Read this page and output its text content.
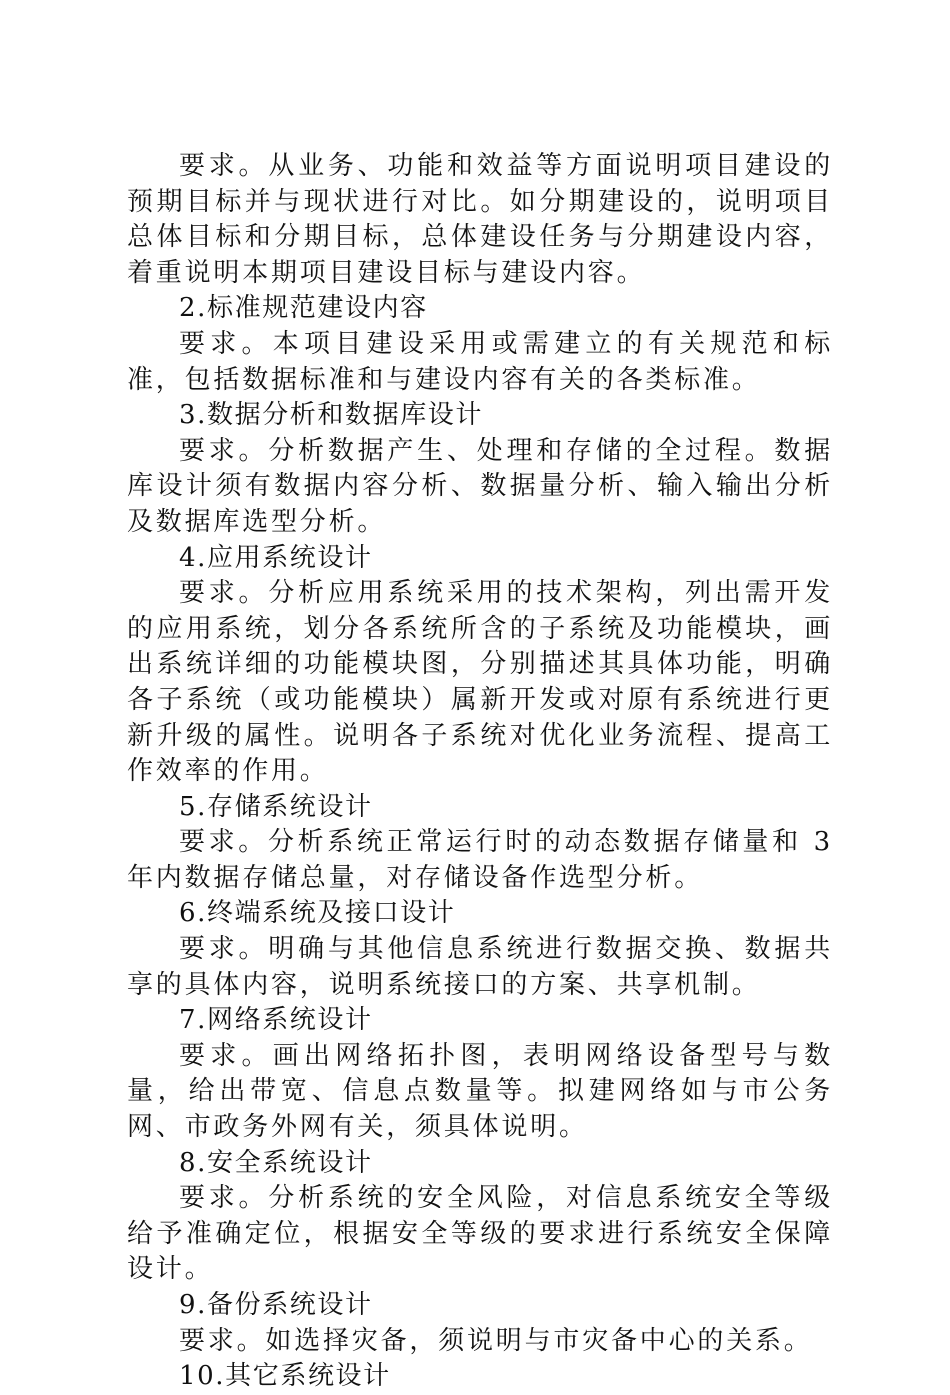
要求。从业务、功能和效益等方面说明项目建设的预期目标并与现状进行对比。如分期建设的，说明项目总体目标和分期目标，总体建设任务与分期建设内容，着重说明本期项目建设目标与建设内容。

2.标准规范建设内容

要求。本项目建设采用或需建立的有关规范和标准，包括数据标准和与建设内容有关的各类标准。

3.数据分析和数据库设计

要求。分析数据产生、处理和存储的全过程。数据库设计须有数据内容分析、数据量分析、输入输出分析及数据库选型分析。

4.应用系统设计

要求。分析应用系统采用的技术架构，列出需开发的应用系统，划分各系统所含的子系统及功能模块，画出系统详细的功能模块图，分别描述其具体功能，明确各子系统（或功能模块）属新开发或对原有系统进行更新升级的属性。说明各子系统对优化业务流程、提高工作效率的作用。

5.存储系统设计

要求。分析系统正常运行时的动态数据存储量和 3 年内数据存储总量，对存储设备作选型分析。

6.终端系统及接口设计

要求。明确与其他信息系统进行数据交换、数据共享的具体内容，说明系统接口的方案、共享机制。

7.网络系统设计

要求。画出网络拓扑图，表明网络设备型号与数量，给出带宽、信息点数量等。拟建网络如与市公务网、市政务外网有关，须具体说明。

8.安全系统设计

要求。分析系统的安全风险，对信息系统安全等级给予准确定位，根据安全等级的要求进行系统安全保障设计。

9.备份系统设计

要求。如选择灾备，须说明与市灾备中心的关系。

10.其它系统设计
